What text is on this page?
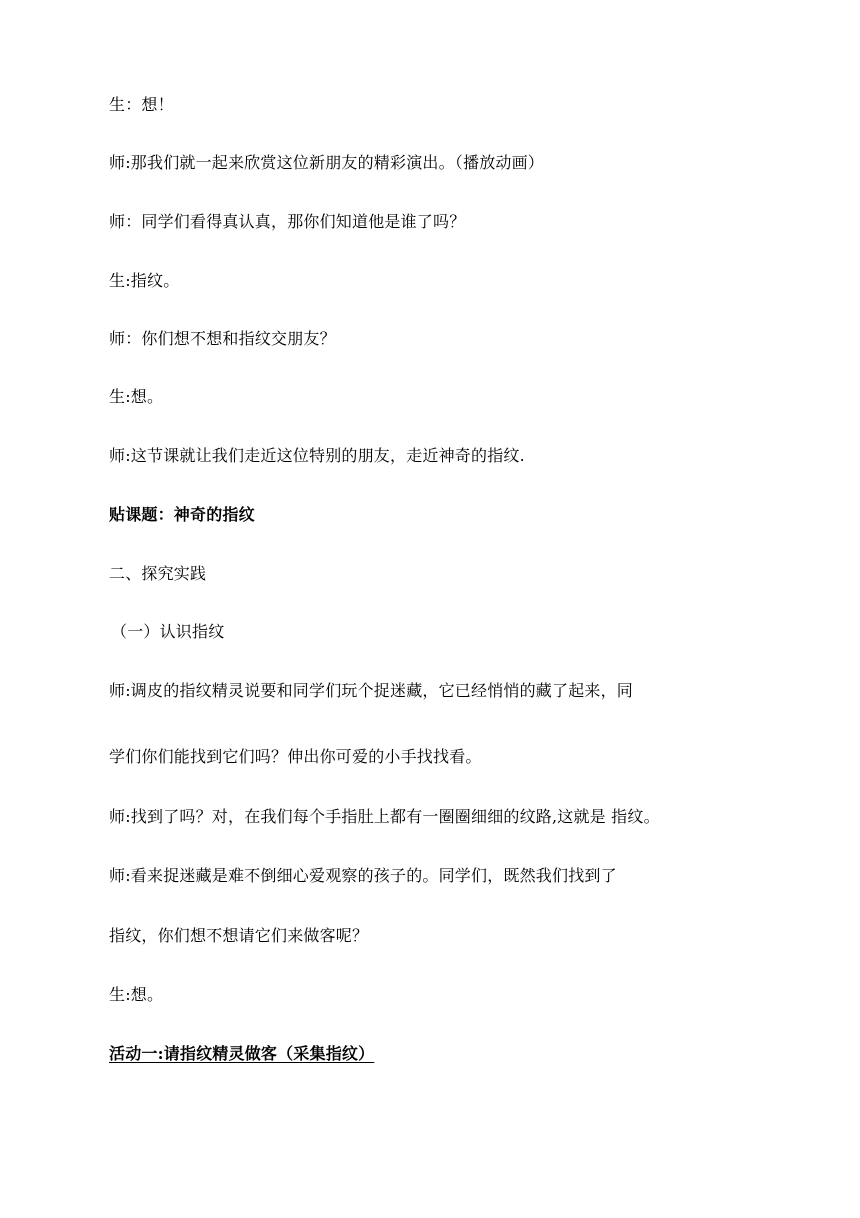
生：想！
师:那我们就一起来欣赏这位新朋友的精彩演出。（播放动画）
师：同学们看得真认真，那你们知道他是谁了吗？
生:指纹。
师：你们想不想和指纹交朋友？
生:想。
师:这节课就让我们走近这位特别的朋友，走近神奇的指纹.
贴课题：神奇的指纹
二、探究实践
（一）认识指纹
师:调皮的指纹精灵说要和同学们玩个捉迷藏，它已经悄悄的藏了起来，同
学们你们能找到它们吗？伸出你可爱的小手找找看。
师:找到了吗？对，在我们每个手指肚上都有一圈圈细细的纹路,这就是 指纹。
师:看来捉迷藏是难不倒细心爱观察的孩子的。同学们，既然我们找到了
指纹，你们想不想请它们来做客呢？
生:想。
活动一:请指纹精灵做客（采集指纹）
